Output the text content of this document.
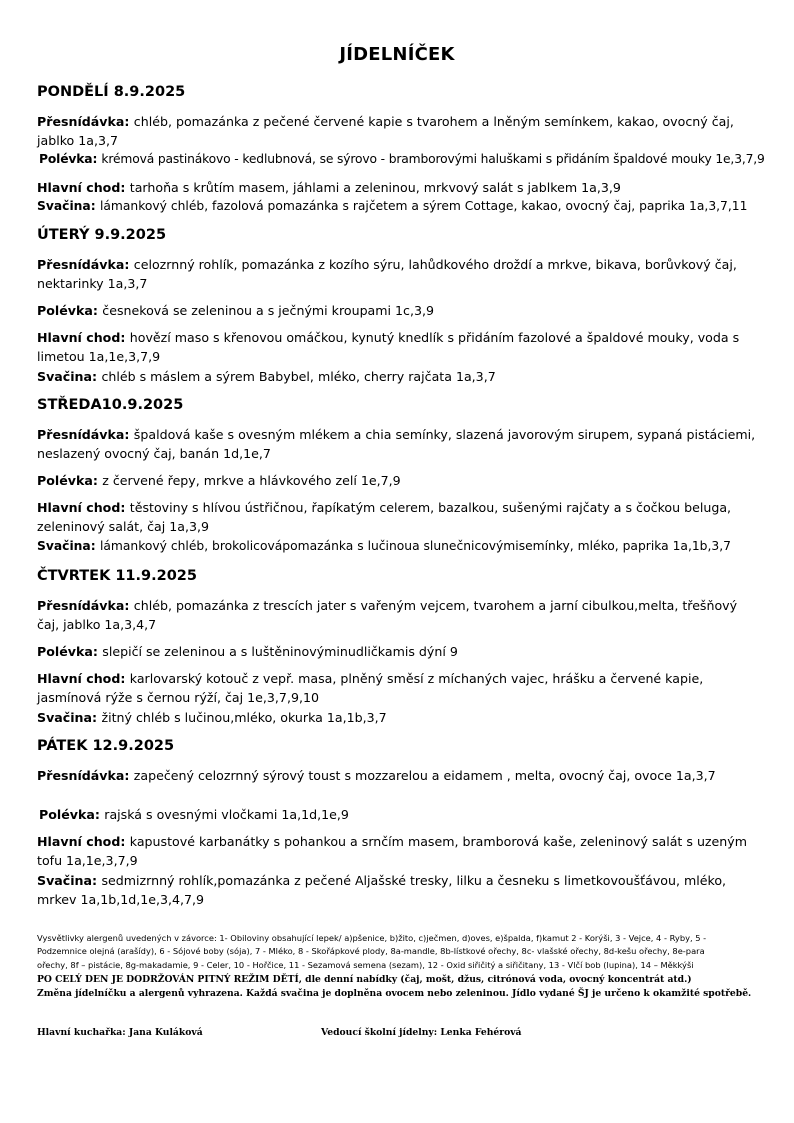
JÍDELNÍČEK
PONDĚLÍ 8.9.2025
Přesnídávka: chléb, pomazánka z pečené červené kapie s tvarohem a lněným semínkem, kakao, ovocný čaj, jablko 1a,3,7
Polévka: krémová pastinákovo - kedlubnová, se sýrovo - bramborovými haluškami s přidáním špaldové mouky 1e,3,7,9
Hlavní chod: tarhoňa s krůtím masem, jáhlami a zeleninou, mrkvový salát s jablkem 1a,3,9
Svačina: lámankový chléb, fazolová pomazánka s rajčetem a sýrem Cottage, kakao, ovocný čaj, paprika 1a,3,7,11
ÚTERÝ 9.9.2025
Přesnídávka: celozrnný rohlík, pomazánka z kozího sýru, lahůdkového droždí a mrkve, bikava, borůvkový čaj, nektarinky 1a,3,7
Polévka: česneková se zeleninou a s ječnými kroupami 1c,3,9
Hlavní chod: hovězí maso s křenovou omáčkou, kynutý knedlík s přidáním fazolové a špaldové mouky, voda s limetou 1a,1e,3,7,9
Svačina: chléb s máslem a sýrem Babybel, mléko, cherry rajčata 1a,3,7
STŘEDA10.9.2025
Přesnídávka: špaldová kaše s ovesným mlékem a chia semínky, slazená javorovým sirupem, sypaná pistáciemi, neslazený ovocný čaj, banán 1d,1e,7
Polévka: z červené řepy, mrkve a hlávkového zelí 1e,7,9
Hlavní chod: těstoviny s hlívou ústřičnou, řapíkatým celerem, bazalkou, sušenými rajčaty a s čočkou beluga, zeleninový salát, čaj 1a,3,9
Svačina: lámankový chléb, brokolicovápomazánka s lučinoua slunečnicovýmisemínky, mléko, paprika 1a,1b,3,7
ČTVRTEK 11.9.2025
Přesnídávka: chléb, pomazánka z trescích jater s vařeným vejcem, tvarohem a jarní cibulkou,melta, třešňový čaj, jablko 1a,3,4,7
Polévka: slepičí se zeleninou a s luštěninovýminudličkamis dýní 9
Hlavní chod: karlovarský kotouč z vepř. masa, plněný směsí z míchaných vajec, hrášku a červené kapie, jasmínová rýže s černou rýží, čaj 1e,3,7,9,10
Svačina: žitný chléb s lučinou,mléko, okurka 1a,1b,3,7
PÁTEK 12.9.2025
Přesnídávka: zapečený celozrnný sýrový toust s mozzarelou a eidamem , melta, ovocný čaj, ovoce 1a,3,7
Polévka: rajská s ovesnými vločkami 1a,1d,1e,9
Hlavní chod: kapustové karbanátky s pohankou a srnčím masem, bramborová kaše, zeleninový salát s uzeným tofu 1a,1e,3,7,9
Svačina: sedmizrnný rohlík,pomazánka z pečené Aljašské tresky, lilku a česneku s limetkovoušťávou, mléko, mrkev 1a,1b,1d,1e,3,4,7,9
Vysvětlivky alergenů uvedených v závorce: 1- Obiloviny obsahující lepek/ a)pšenice, b)žito, c)ječmen, d)oves, e)špalda, f)kamut 2 - Korýši, 3 - Vejce, 4 - Ryby, 5 - Podzemnice olejná (arašídy), 6 - Sójové boby (sója), 7 - Mléko, 8 - Skořápkové plody, 8a-mandle, 8b-lístkové ořechy, 8c- vlašské ořechy, 8d-kešu ořechy, 8e-para ořechy, 8f – pistácie, 8g-makadamie, 9 - Celer, 10 - Hořčice, 11 - Sezamová semena (sezam), 12 - Oxid siřičitý a siřičitany, 13 - Vlčí bob (lupina), 14 – Měkkýši
PO CELÝ DEN JE DODRŽOVÁN PITNÝ REŽIM DĚTÍ, dle denní nabídky (čaj, mošt, džus, citrónová voda, ovocný koncentrát atd.)
Změna jídelníčku a alergenů vyhrazena. Každá svačina je doplněna ovocem nebo zeleninou. Jídlo vydané ŠJ je určeno k okamžité spotřebě.
Hlavní kuchařka: Jana Kuláková	Vedoucí školní jídelny: Lenka Fehérová
